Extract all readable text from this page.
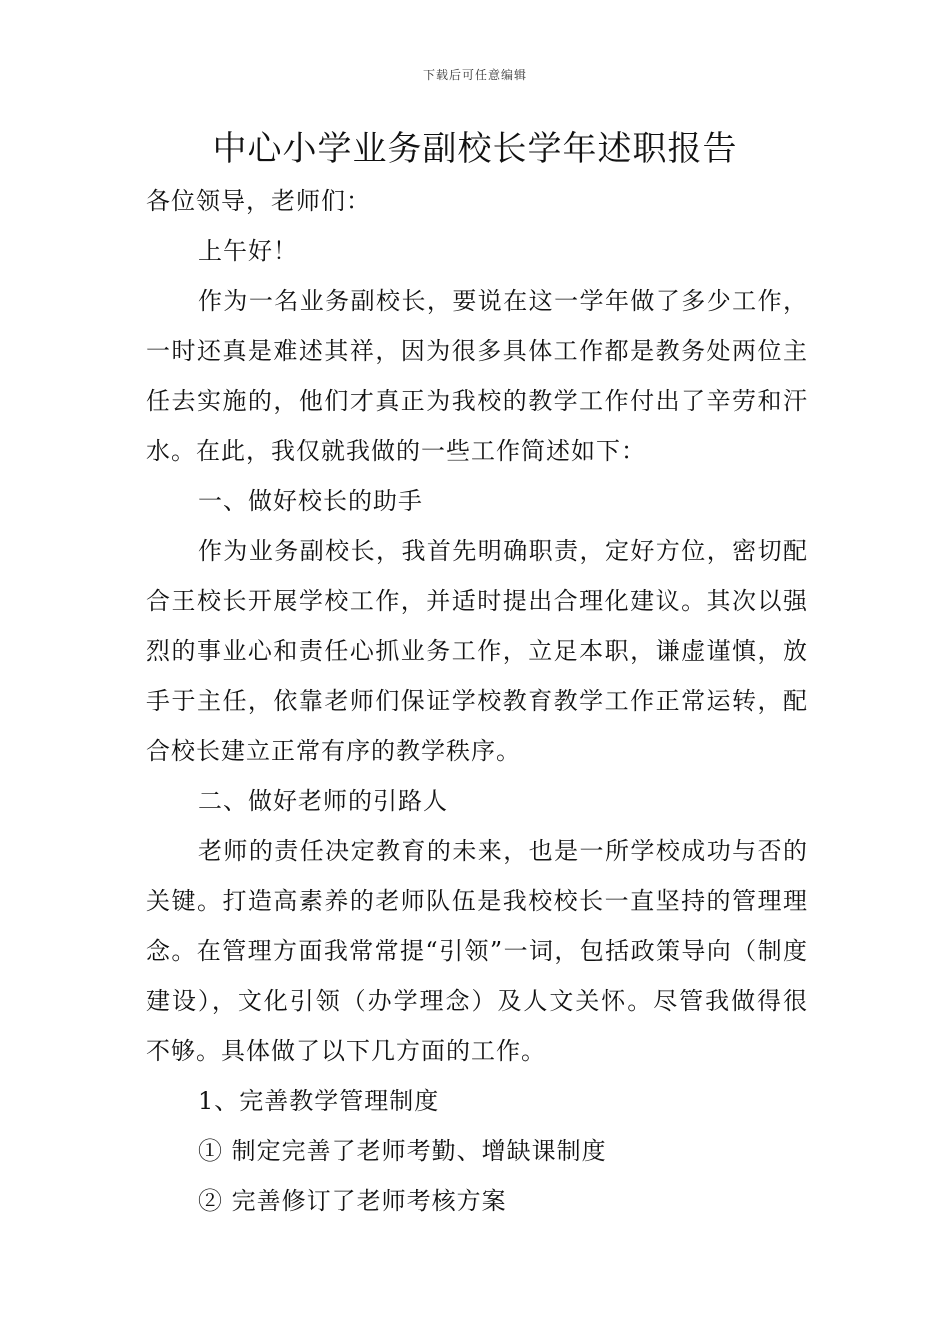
下载后可任意编辑
中心小学业务副校长学年述职报告

各位领导，老师们：

上午好！

作为一名业务副校长，要说在这一学年做了多少工作，一时还真是难述其祥，因为很多具体工作都是教务处两位主任去实施的，他们才真正为我校的教学工作付出了辛劳和汗水。在此，我仅就我做的一些工作简述如下：

一、做好校长的助手

作为业务副校长，我首先明确职责，定好方位，密切配合王校长开展学校工作，并适时提出合理化建议。其次以强烈的事业心和责任心抓业务工作，立足本职，谦虚谨慎，放手于主任，依靠老师们保证学校教育教学工作正常运转，配合校长建立正常有序的教学秩序。

二、做好老师的引路人

老师的责任决定教育的未来，也是一所学校成功与否的关键。打造高素养的老师队伍是我校校长一直坚持的管理理念。在管理方面我常常提“引领”一词，包括政策导向（制度建设），文化引领（办学理念）及人文关怀。尽管我做得很不够。具体做了以下几方面的工作。

1、完善教学管理制度

① 制定完善了老师考勤、增缺课制度

② 完善修订了老师考核方案
